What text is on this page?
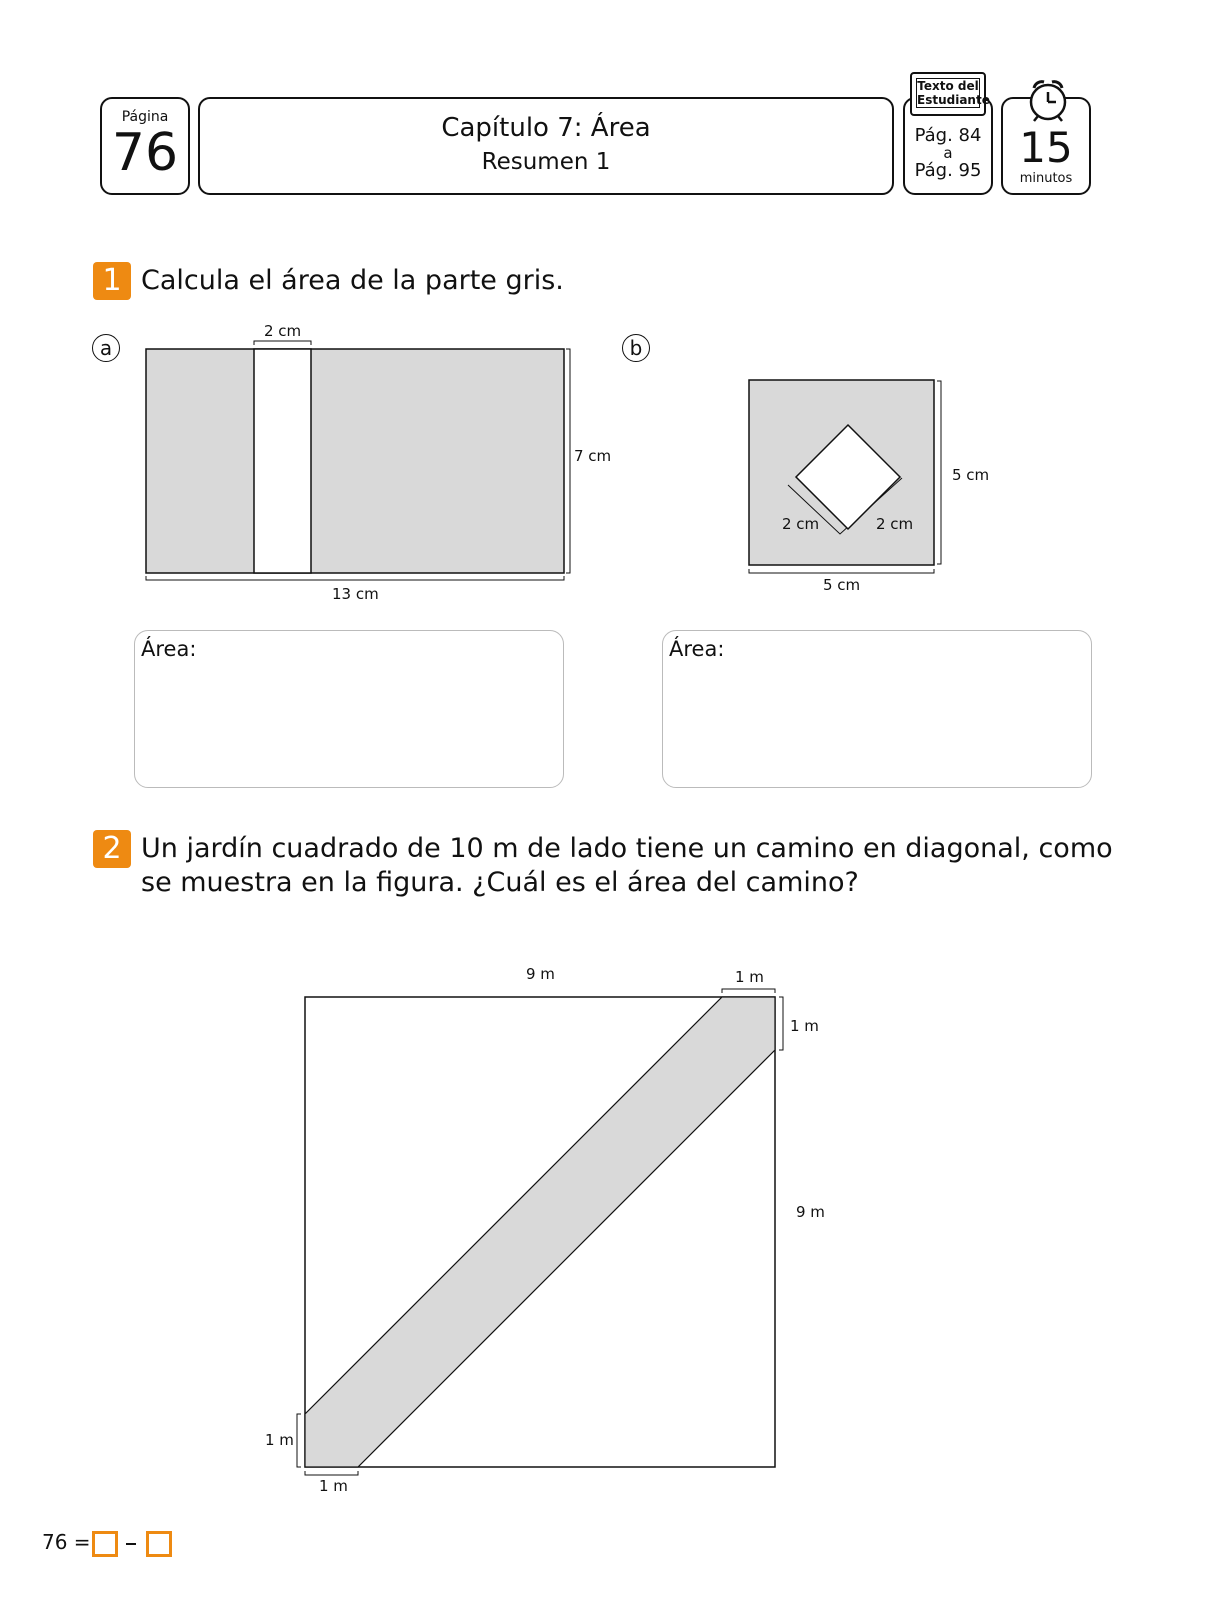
Página
76	Capítulo 7: Área
Resumen 1
Pág. 84
a
Pág. 95
Texto del
Estudiante
15
minutos
1 Calcula el área de la parte gris.
a
2 cm
7 cm
13 cm
b
5 cm
5 cm
2 cm	2 cm
Área:	Área:
2 Un jardín cuadrado de 10 m de lado tiene un camino en diagonal, como
se muestra en la figura. ¿Cuál es el área del camino?
9 m	1 m
1 m
9 m
1 m
1 m
76 =
